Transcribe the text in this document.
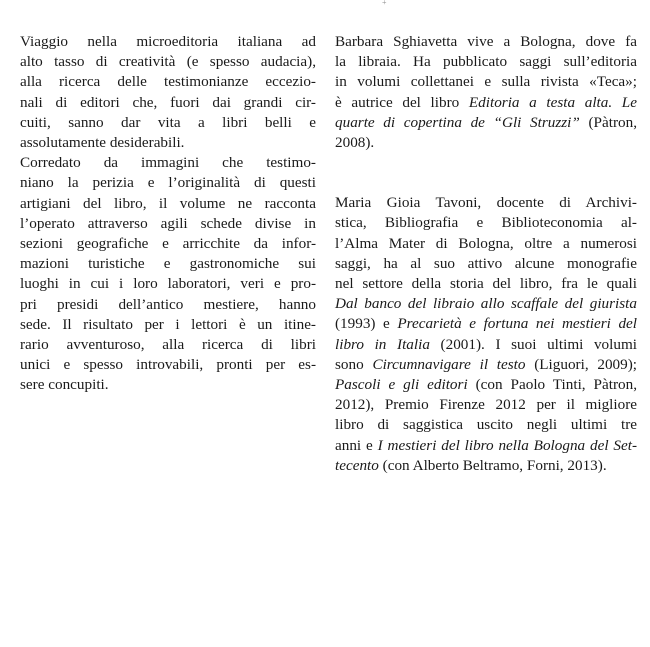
+

Viaggio nella microeditoria italiana ad
alto tasso di creatività (e spesso audacia),
alla ricerca delle testimonianze ecceziο-
nali di editori che, fuori dai grandi cir-
cuiti, sanno dar vita a libri belli e
assolutamente desiderabili.

Corredato da immagini che testimo-
niano la perizia e l’originalità di questi
artigiani del libro, il volume ne racconta
l’operato attraverso agili schede divise in
sezioni geografiche e arricchite da infor-
mazioni turistiche e gastronomiche sui
luoghi in cui i loro laboratori, veri e pro-
pri presidi dell’antico mestiere, hanno
sede. Il risultato per i lettori è un itine-
rario avventuroso, alla ricerca di libri
unici e spesso introvabili, pronti per es-
sere concupiti.

Barbara Sghiavetta vive a Bologna, dove fa
la libraia. Ha pubblicato saggi sull’editoria
in volumi collettanei e sulla rivista «Teca»;
è autrice del libro Editoria a testa alta. Le
quarte di copertina de “Gli Struzzi” (Pàtron,
2008).

Maria Gioia Tavoni, docente di Archivi-
stica, Bibliografia e Biblioteconomia al-
l’Alma Mater di Bologna, oltre a numerosi
saggi, ha al suo attivo alcune monografie
nel settore della storia del libro, fra le quali
Dal banco del libraio allo scaffale del giurista
(1993) e Precarietà e fortuna nei mestieri del
libro in Italia (2001). I suoi ultimi volumi
sono Circumnavigare il testo (Liguori, 2009);
Pascoli e gli editori (con Paolo Tinti, Pàtron,
2012), Premio Firenze 2012 per il migliore
libro di saggistica uscito negli ultimi tre
anni e I mestieri del libro nella Bologna del Set-
tecento (con Alberto Beltramo, Forni, 2013).
